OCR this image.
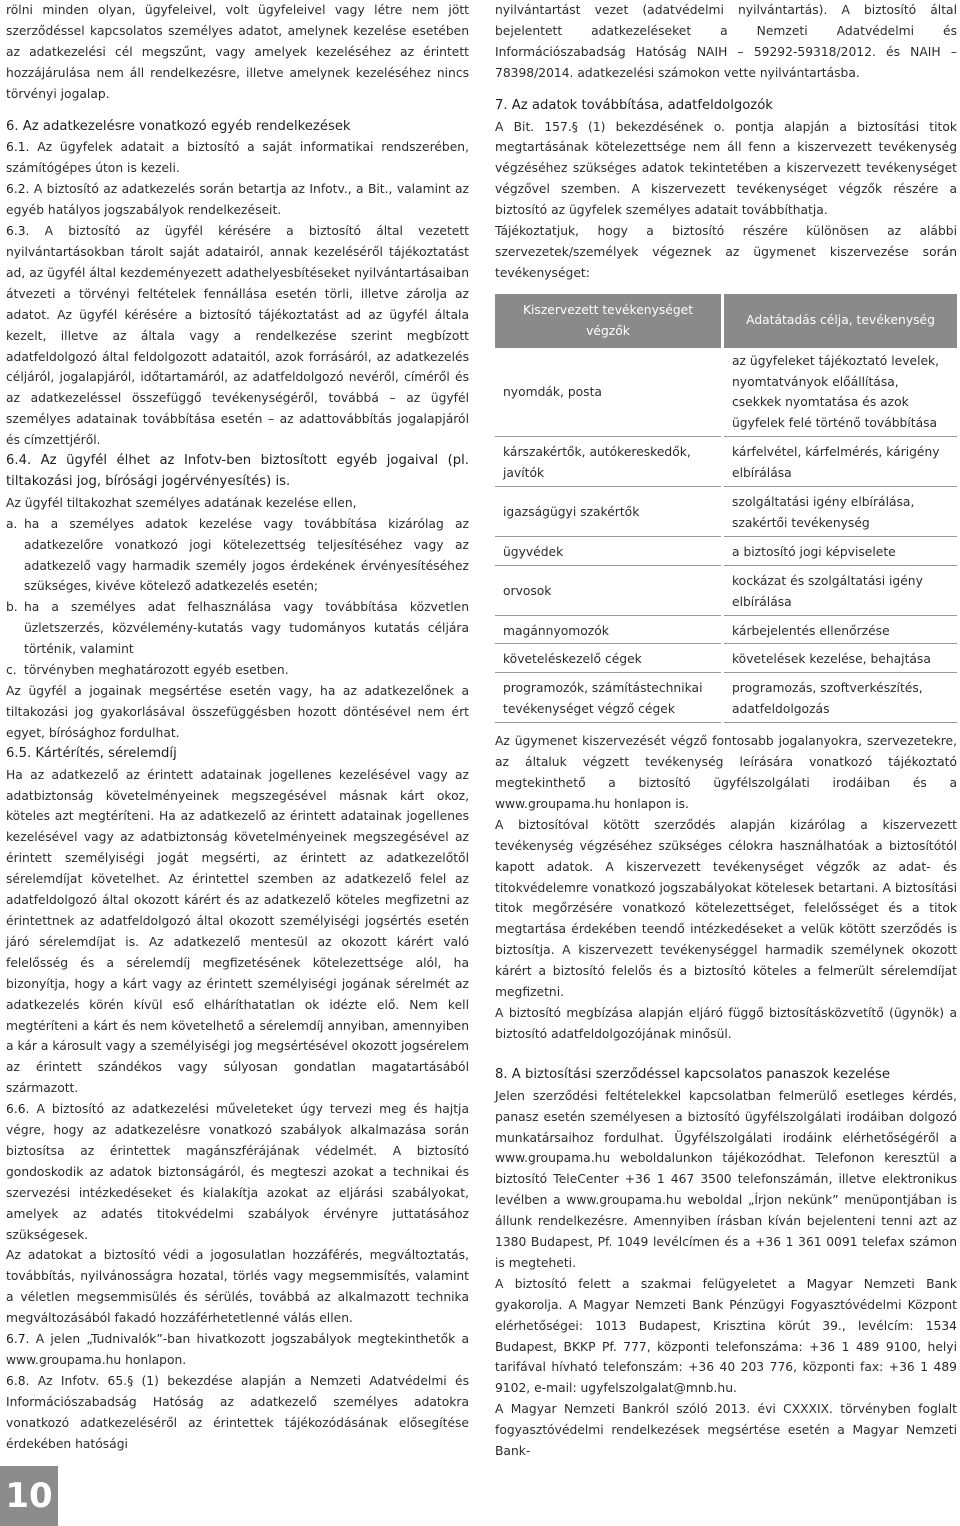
rölni minden olyan, ügyfeleivel, volt ügyfeleivel vagy létre nem jött szerződéssel kapcsolatos személyes adatot, amelynek kezelése esetében az adatkezelési cél megszűnt, vagy amelyek kezeléséhez az érintett hozzájárulása nem áll rendelkezésre, illetve amelynek kezeléséhez nincs törvényi jogalap.

6. Az adatkezelésre vonatkozó egyéb rendelkezések

6.1. Az ügyfelek adatait a biztosító a saját informatikai rendszerében, számítógépes úton is kezeli.

6.2. A biztosító az adatkezelés során betartja az Infotv., a Bit., valamint az egyéb hatályos jogszabályok rendelkezéseit.

6.3. A biztosító az ügyfél kérésére a biztosító által vezetett nyilvántartásokban tárolt saját adatairól, annak kezeléséről tájékoztatást ad, az ügyfél által kezdeményezett adathelyesbítéseket nyilvántartásaiban átvezeti a törvényi feltételek fennállása esetén törli, illetve zárolja az adatot. Az ügyfél kérésére a biztosító tájékoztatást ad az ügyfél általa kezelt, illetve az általa vagy a rendelkezése szerint megbízott adatfeldolgozó által feldolgozott adataitól, azok forrásáról, az adatkezelés céljáról, jogalapjáról, időtartamáról, az adatfeldolgozó nevéről, címéről és az adatkezeléssel összefüggő tevékenységéről, továbbá – az ügyfél személyes adatainak továbbítása esetén – az adattovábbítás jogalapjáról és címzettjéről.

6.4. Az ügyfél élhet az Infotv-ben biztosított egyéb jogaival (pl. tiltakozási jog, bírósági jogérvényesítés) is.

Az ügyfél tiltakozhat személyes adatának kezelése ellen,

a. ha a személyes adatok kezelése vagy továbbítása kizárólag az adatkezelőre vonatkozó jogi kötelezettség teljesítéséhez vagy az adatkezelő vagy harmadik személy jogos érdekének érvényesítéséhez szükséges, kivéve kötelező adatkezelés esetén;

b. ha a személyes adat felhasználása vagy továbbítása közvetlen üzletszerzés, közvélemény-kutatás vagy tudományos kutatás céljára történik, valamint

c. törvényben meghatározott egyéb esetben.

Az ügyfél a jogainak megsértése esetén vagy, ha az adatkezelőnek a tiltakozási jog gyakorlásával összefüggésben hozott döntésével nem ért egyet, bírósághoz fordulhat.

6.5. Kártérítés, sérelemdíj

Ha az adatkezelő az érintett adatainak jogellenes kezelésével vagy az adatbiztonság követelményeinek megszegésével másnak kárt okoz, köteles azt megtéríteni. Ha az adatkezelő az érintett adatainak jogellenes kezelésével vagy az adatbiztonság követelményeinek megszegésével az érintett személyiségi jogát megsérti, az érintett az adatkezelőtől sérelemdíjat követelhet. Az érintettel szemben az adatkezelő felel az adatfeldolgozó által okozott kárért és az adatkezelő köteles megfizetni az érintettnek az adatfeldolgozó által okozott személyiségi jogsértés esetén járó sérelemdíjat is. Az adatkezelő mentesül az okozott kárért való felelősség és a sérelemdíj megfizetésének kötelezettsége alól, ha bizonyítja, hogy a kárt vagy az érintett személyiségi jogának sérelmét az adatkezelés körén kívül eső elháríthatatlan ok idézte elő. Nem kell megtéríteni a kárt és nem követelhető a sérelemdíj annyiban, amennyiben a kár a károsult vagy a személyiségi jog megsértésével okozott jogsérelem az érintett szándékos vagy súlyosan gondatlan magatartásából származott.

6.6. A biztosító az adatkezelési műveleteket úgy tervezi meg és hajtja végre, hogy az adatkezelésre vonatkozó szabályok alkalmazása során biztosítsa az érintettek magánszférájának védelmét. A biztosító gondoskodik az adatok biztonságáról, és megteszi azokat a technikai és szervezési intézkedéseket és kialakítja azokat az eljárási szabályokat, amelyek az adatés titokvédelmi szabályok érvényre juttatásához szükségesek.

Az adatokat a biztosító védi a jogosulatlan hozzáférés, megváltoztatás, továbbítás, nyilvánosságra hozatal, törlés vagy megsemmisítés, valamint a véletlen megsemmisülés és sérülés, továbbá az alkalmazott technika megváltozásából fakadó hozzáférhetetlenné válás ellen.

6.7. A jelen „Tudnivalók”-ban hivatkozott jogszabályok megtekinthetők a www.groupama.hu honlapon.

6.8. Az Infotv. 65.§ (1) bekezdése alapján a Nemzeti Adatvédelmi és Információszabadság Hatóság az adatkezelő személyes adatokra vonatkozó adatkezeléséről az érintettek tájékozódásának elősegítése érdekében hatósági

nyilvántartást vezet (adatvédelmi nyilvántartás). A biztosító által bejelentett adatkezeléseket a Nemzeti Adatvédelmi és Információszabadság Hatóság NAIH – 59292-59318/2012. és NAIH – 78398/2014. adatkezelési számokon vette nyilvántartásba.

7. Az adatok továbbítása, adatfeldolgozók

A Bit. 157.§ (1) bekezdésének o. pontja alapján a biztosítási titok megtartásának kötelezettsége nem áll fenn a kiszervezett tevékenység végzéséhez szükséges adatok tekintetében a kiszervezett tevékenységet végzővel szemben. A kiszervezett tevékenységet végzők részére a biztosító az ügyfelek személyes adatait továbbíthatja.

Tájékoztatjuk, hogy a biztosító részére különösen az alábbi szervezetek/személyek végeznek az ügymenet kiszervezése során tevékenységet:

Kiszervezett tevékenységet végzők	Adatátadás célja, tevékenység
nyomdák, posta	az ügyfeleket tájékoztató levelek, nyomtatványok előállítása, csekkek nyomtatása és azok ügyfelek felé történő továbbítása
kárszakértők, autókereskedők, javítók	kárfelvétel, kárfelmérés, kárigény elbírálása
igazságügyi szakértők	szolgáltatási igény elbírálása, szakértői tevékenység
ügyvédek	a biztosító jogi képviselete
orvosok	kockázat és szolgáltatási igény elbírálása
magánnyomozók	kárbejelentés ellenőrzése
követeléskezelő cégek	követelések kezelése, behajtása
programozók, számítástechnikai tevékenységet végző cégek	programozás, szoftverkészítés, adatfeldolgozás

Az ügymenet kiszervezését végző fontosabb jogalanyokra, szervezetekre, az általuk végzett tevékenység leírására vonatkozó tájékoztató megtekinthető a biztosító ügyfélszolgálati irodáiban és a www.groupama.hu honlapon is.

A biztosítóval kötött szerződés alapján kizárólag a kiszervezett tevékenység végzéséhez szükséges célokra használhatóak a biztosítótól kapott adatok. A kiszervezett tevékenységet végzők az adat- és titokvédelemre vonatkozó jogszabályokat kötelesek betartani. A biztosítási titok megőrzésére vonatkozó kötelezettséget, felelősséget és a titok megtartása érdekében teendő intézkedéseket a velük kötött szerződés is biztosítja. A kiszervezett tevékenységgel harmadik személynek okozott kárért a biztosító felelős és a biztosító köteles a felmerült sérelemdíjat megfizetni.

A biztosító megbízása alapján eljáró függő biztosításközvetítő (ügynök) a biztosító adatfeldolgozójának minősül.

8. A biztosítási szerződéssel kapcsolatos panaszok kezelése

Jelen szerződési feltételekkel kapcsolatban felmerülő esetleges kérdés, panasz esetén személyesen a biztosító ügyfélszolgálati irodáiban dolgozó munkatársaihoz fordulhat. Ügyfélszolgálati irodáink elérhetőségéről a www.groupama.hu weboldalunkon tájékozódhat. Telefonon keresztül a biztosító TeleCenter +36 1 467 3500 telefonszámán, illetve elektronikus levélben a www.groupama.hu weboldal „Írjon nekünk” menüpontjában is állunk rendelkezésre. Amennyiben írásban kíván bejelenteni tenni azt az 1380 Budapest, Pf. 1049 levélcímen és a +36 1 361 0091 telefax számon is megteheti.

A biztosító felett a szakmai felügyeletet a Magyar Nemzeti Bank gyakorolja. A Magyar Nemzeti Bank Pénzügyi Fogyasztóvédelmi Központ elérhetőségei: 1013 Budapest, Krisztina körút 39., levélcím: 1534 Budapest, BKKP Pf. 777, központi telefonszáma: +36 1 489 9100, helyi tarifával hívható telefonszám: +36 40 203 776, központi fax: +36 1 489 9102, e-mail: ugyfelszolgalat@mnb.hu.

A Magyar Nemzeti Bankról szóló 2013. évi CXXXIX. törvényben foglalt fogyasztóvédelmi rendelkezések megsértése esetén a Magyar Nemzeti Bank-

10
